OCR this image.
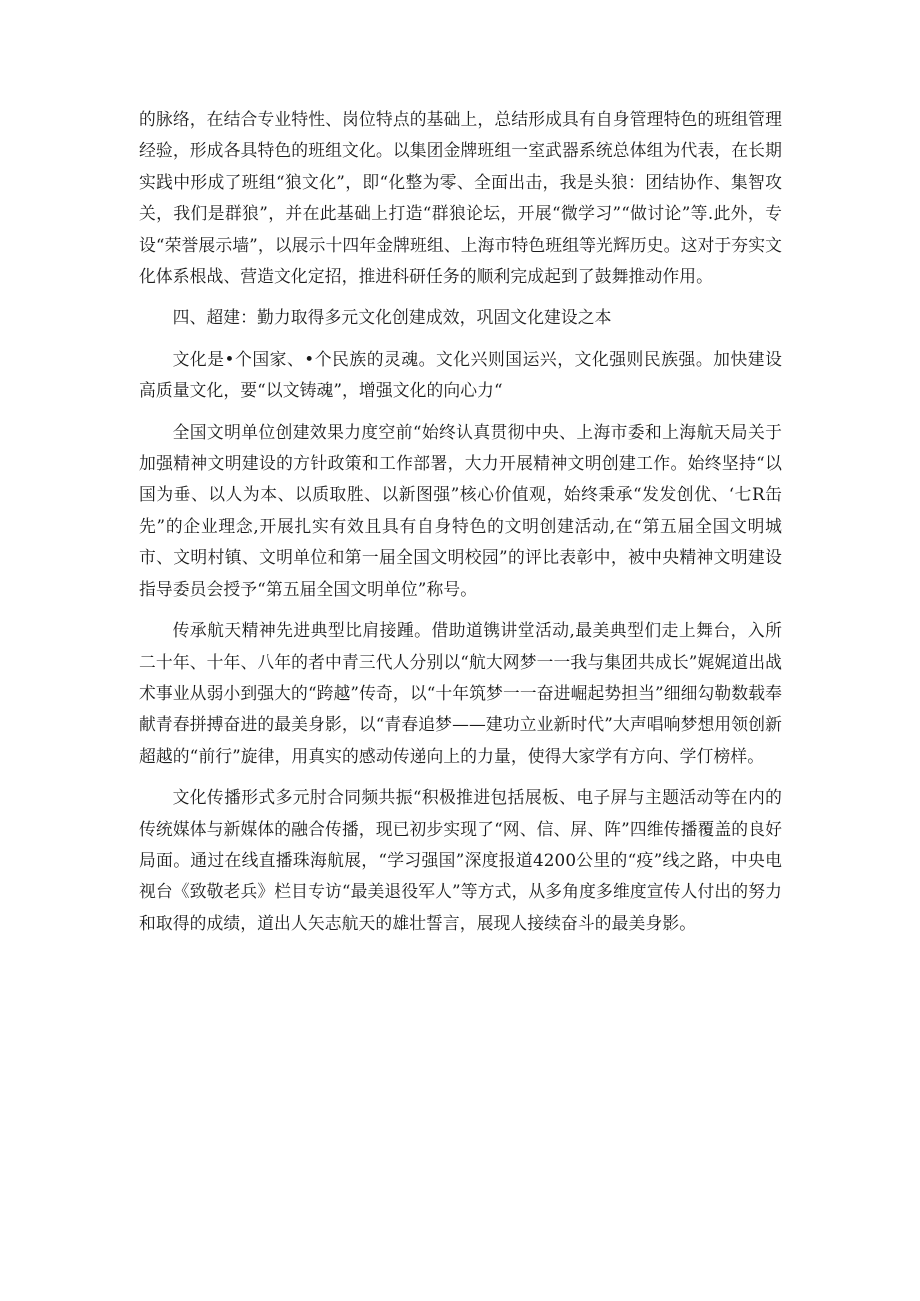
的脉络，在结合专业特性、岗位特点的基础上，总结形成具有自身管理特色的班组管理经验，形成各具特色的班组文化。以集团金牌班组一室武器系统总体组为代表，在长期实践中形成了班组“狼文化”，即“化整为零、全面出击，我是头狼：团结协作、集智攻关，我们是群狼”，并在此基础上打造“群狼论坛，开展“微学习”“做讨论”等.此外，专设“荣誉展示墙”，以展示十四年金牌班组、上海市特色班组等光辉历史。这对于夯实文化体系根战、营造文化定招，推进科研任务的顺利完成起到了鼓舞推动作用。

四、超建：勤力取得多元文化创建成效，巩固文化建设之本

文化是•个国家、•个民族的灵魂。文化兴则国运兴，文化强则民族强。加快建设高质量文化，要“以文铸魂”，增强文化的向心力“

全国文明单位创建效果力度空前“始终认真贯彻中央、上海市委和上海航天局关于加强精神文明建设的方针政策和工作部署，大力开展精神文明创建工作。始终坚持“以国为垂、以人为本、以质取胜、以新图强”核心价值观，始终秉承“发发创优、‘七R缶先”的企业理念,开展扎实有效且具有自身特色的文明创建活动,在“第五届全国文明城市、文明村镇、文明单位和第一届全国文明校园”的评比表彰中，被中央精神文明建设指导委员会授予“第五届全国文明单位”称号。

传承航天精神先进典型比肩接踵。借助道镌讲堂活动,最美典型们走上舞台，入所二十年、十年、八年的者中青三代人分别以“航大网梦一一我与集团共成长”娓娓道出战术事业从弱小到强大的“跨越”传奇，以“十年筑梦一一奋进崛起势担当”细细勾勒数载奉献青春拼搏奋进的最美身影，以“青春追梦——建功立业新时代”大声唱响梦想用领创新超越的“前行”旋律，用真实的感动传递向上的力量，使得大家学有方向、学仃榜样。

文化传播形式多元肘合同频共振“积极推进包括展板、电子屏与主题活动等在内的传统媒体与新媒体的融合传播，现已初步实现了“网、信、屏、阵”四维传播覆盖的良好局面。通过在线直播珠海航展，“学习强国”深度报道4200公里的“疫”线之路，中央电视台《致敬老兵》栏目专访“最美退役军人”等方式，从多角度多维度宣传人付出的努力和取得的成绩，道出人矢志航天的雄壮誓言，展现人接续奋斗的最美身影。
